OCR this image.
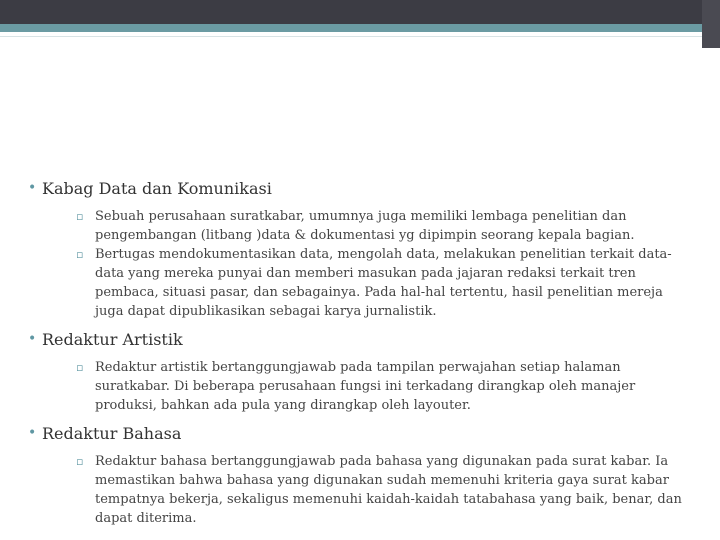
• Kabag Data dan Komunikasi
▫ Sebuah perusahaan suratkabar, umumnya juga memiliki lembaga penelitian dan pengembangan (litbang )data & dokumentasi yg dipimpin seorang kepala bagian.
▫ Bertugas mendokumentasikan data, mengolah data, melakukan penelitian terkait data-data yang mereka punyai dan memberi masukan pada jajaran redaksi terkait tren pembaca, situasi pasar, dan sebagainya. Pada hal-hal tertentu, hasil penelitian mereja juga dapat dipublikasikan sebagai karya jurnalistik.
• Redaktur Artistik
▫ Redaktur artistik bertanggungjawab pada tampilan perwajahan setiap halaman suratkabar. Di beberapa perusahaan fungsi ini terkadang dirangkap oleh manajer produksi, bahkan ada pula yang dirangkap oleh layouter.
• Redaktur Bahasa
▫ Redaktur bahasa bertanggungjawab pada bahasa yang digunakan pada surat kabar. Ia memastikan bahwa bahasa yang digunakan sudah memenuhi kriteria gaya surat kabar tempatnya bekerja, sekaligus memenuhi kaidah-kaidah tatabahasa yang baik, benar, dan dapat diterima.
